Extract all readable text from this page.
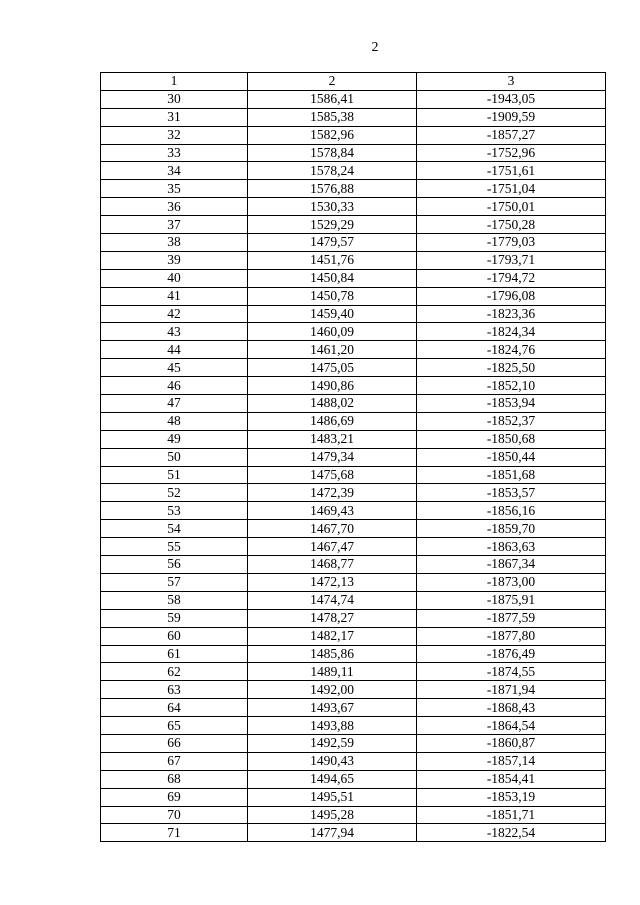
2
1	2	3
30	1586,41	-1943,05
31	1585,38	-1909,59
32	1582,96	-1857,27
33	1578,84	-1752,96
34	1578,24	-1751,61
35	1576,88	-1751,04
36	1530,33	-1750,01
37	1529,29	-1750,28
38	1479,57	-1779,03
39	1451,76	-1793,71
40	1450,84	-1794,72
41	1450,78	-1796,08
42	1459,40	-1823,36
43	1460,09	-1824,34
44	1461,20	-1824,76
45	1475,05	-1825,50
46	1490,86	-1852,10
47	1488,02	-1853,94
48	1486,69	-1852,37
49	1483,21	-1850,68
50	1479,34	-1850,44
51	1475,68	-1851,68
52	1472,39	-1853,57
53	1469,43	-1856,16
54	1467,70	-1859,70
55	1467,47	-1863,63
56	1468,77	-1867,34
57	1472,13	-1873,00
58	1474,74	-1875,91
59	1478,27	-1877,59
60	1482,17	-1877,80
61	1485,86	-1876,49
62	1489,11	-1874,55
63	1492,00	-1871,94
64	1493,67	-1868,43
65	1493,88	-1864,54
66	1492,59	-1860,87
67	1490,43	-1857,14
68	1494,65	-1854,41
69	1495,51	-1853,19
70	1495,28	-1851,71
71	1477,94	-1822,54
